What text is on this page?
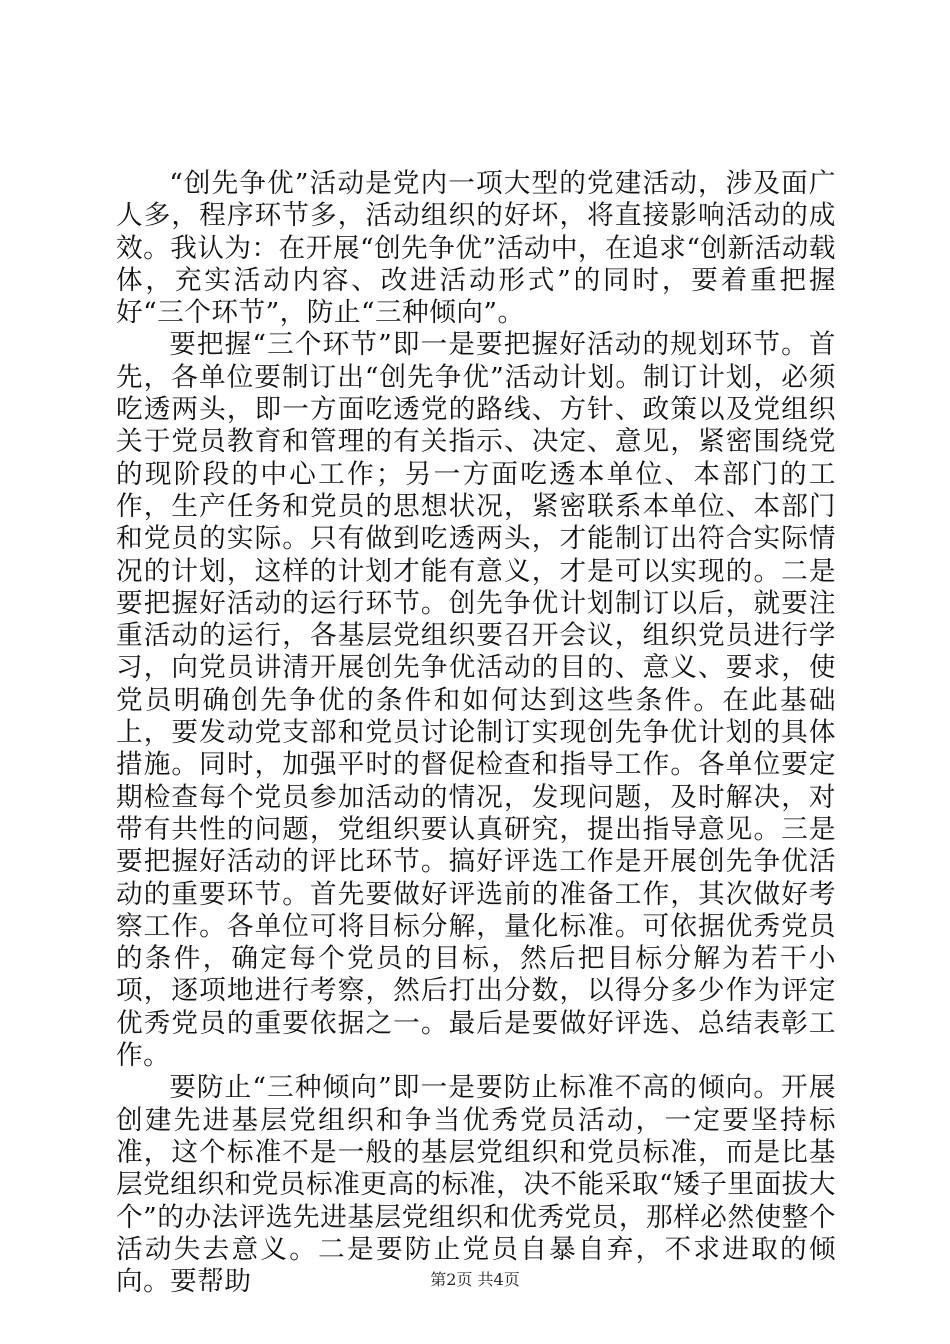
“创先争优”活动是党内一项大型的党建活动，涉及面广人多，程序环节多，活动组织的好坏，将直接影响活动的成效。我认为：在开展“创先争优”活动中，在追求“创新活动载体，充实活动内容、改进活动形式”的同时，要着重把握好“三个环节”，防止“三种倾向”。

要把握“三个环节”即一是要把握好活动的规划环节。首先，各单位要制订出“创先争优”活动计划。制订计划，必须吃透两头，即一方面吃透党的路线、方针、政策以及党组织关于党员教育和管理的有关指示、决定、意见，紧密围绕党的现阶段的中心工作；另一方面吃透本单位、本部门的工作，生产任务和党员的思想状况，紧密联系本单位、本部门和党员的实际。只有做到吃透两头，才能制订出符合实际情况的计划，这样的计划才能有意义，才是可以实现的。二是要把握好活动的运行环节。创先争优计划制订以后，就要注重活动的运行，各基层党组织要召开会议，组织党员进行学习，向党员讲清开展创先争优活动的目的、意义、要求，使党员明确创先争优的条件和如何达到这些条件。在此基础上，要发动党支部和党员讨论制订实现创先争优计划的具体措施。同时，加强平时的督促检查和指导工作。各单位要定期检查每个党员参加活动的情况，发现问题，及时解决，对带有共性的问题，党组织要认真研究，提出指导意见。三是要把握好活动的评比环节。搞好评选工作是开展创先争优活动的重要环节。首先要做好评选前的准备工作，其次做好考察工作。各单位可将目标分解，量化标准。可依据优秀党员的条件，确定每个党员的目标，然后把目标分解为若干小项，逐项地进行考察，然后打出分数，以得分多少作为评定优秀党员的重要依据之一。最后是要做好评选、总结表彰工作。

要防止“三种倾向”即一是要防止标准不高的倾向。开展创建先进基层党组织和争当优秀党员活动，一定要坚持标准，这个标准不是一般的基层党组织和党员标准，而是比基层党组织和党员标准更高的标准，决不能采取“矮子里面拔大个”的办法评选先进基层党组织和优秀党员，那样必然使整个活动失去意义。二是要防止党员自暴自弃，不求进取的倾向。要帮助	第2页 共4页
